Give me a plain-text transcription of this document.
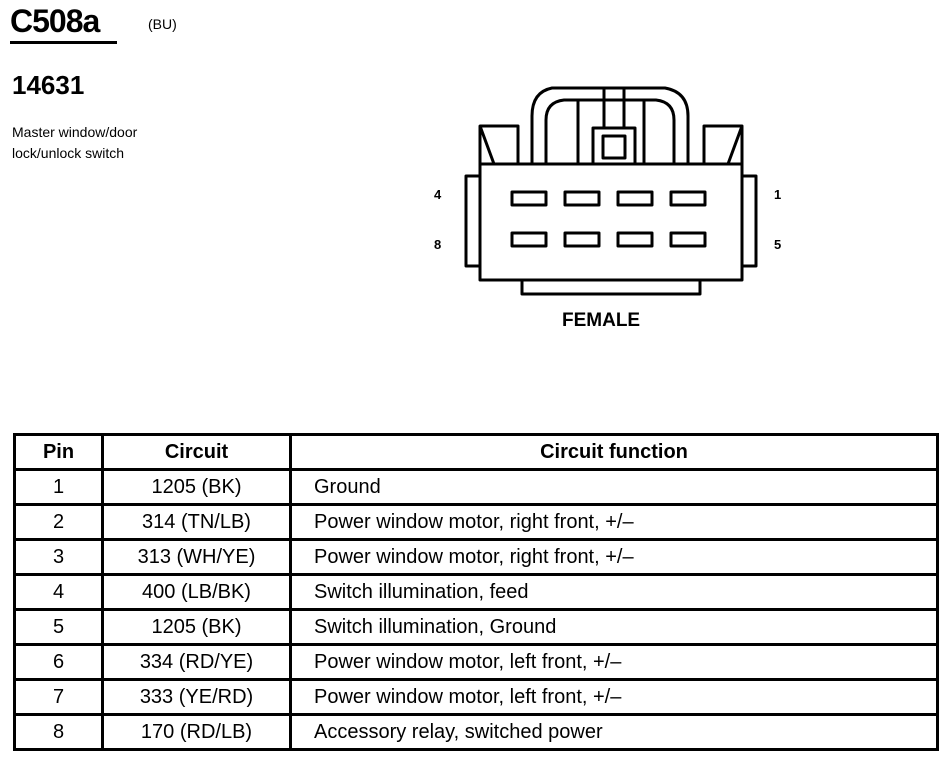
C508a	(BU)
14631
Master window/door
lock/unlock switch
4
8
1
5
FEMALE
Pin	Circuit	Circuit function
1	1205 (BK)	Ground
2	314 (TN/LB)	Power window motor, right front, +/–
3	313 (WH/YE)	Power window motor, right front, +/–
4	400 (LB/BK)	Switch illumination, feed
5	1205 (BK)	Switch illumination, Ground
6	334 (RD/YE)	Power window motor, left front, +/–
7	333 (YE/RD)	Power window motor, left front, +/–
8	170 (RD/LB)	Accessory relay, switched power
